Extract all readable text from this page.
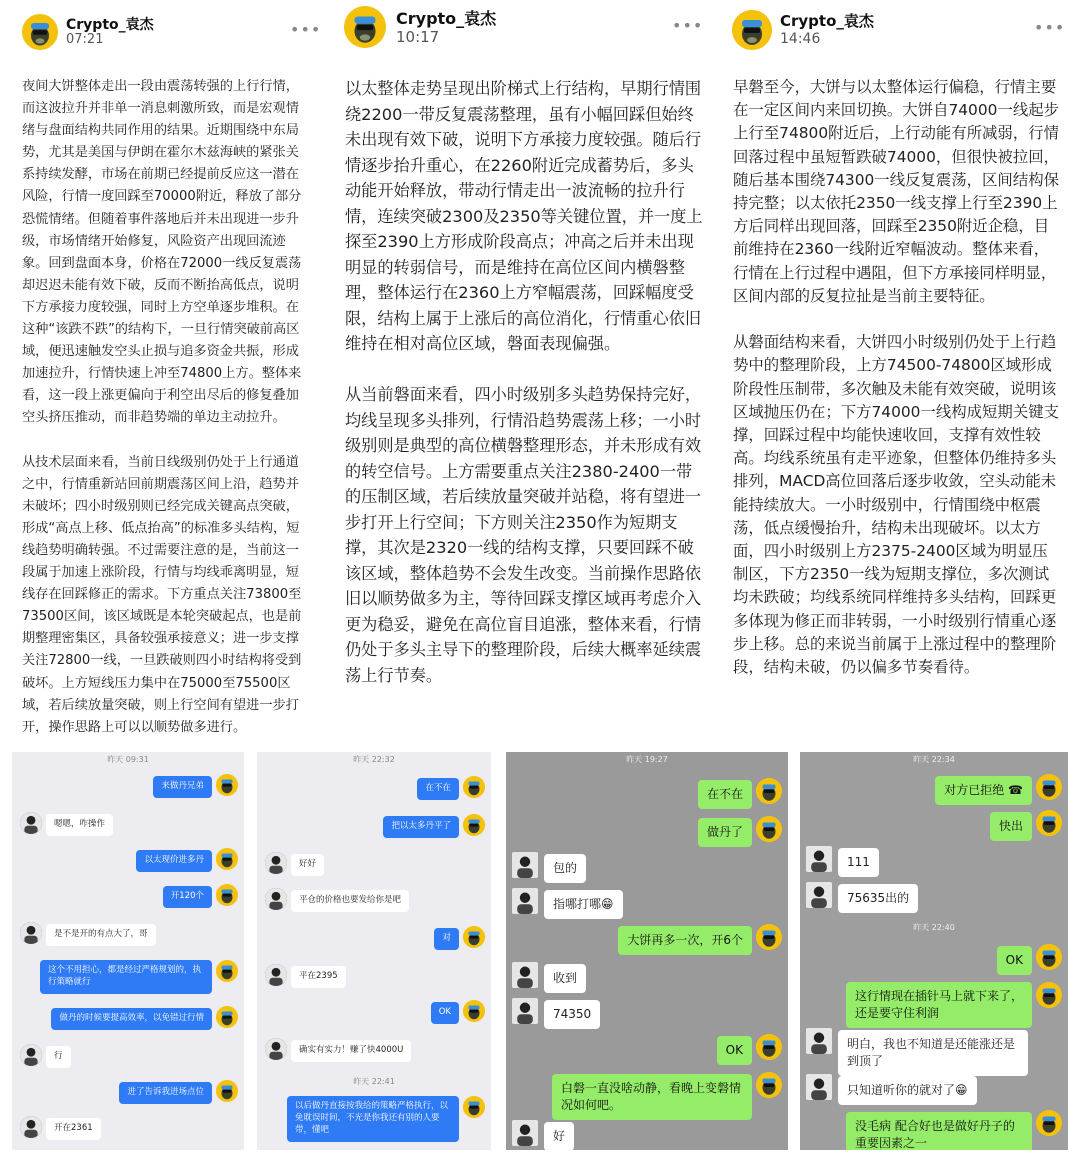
Crypto_袁杰
07:21
•••
夜间大饼整体走出一段由震荡转强的上行行情，而这波拉升并非单一消息刺激所致，而是宏观情绪与盘面结构共同作用的结果。近期围绕中东局势，尤其是美国与伊朗在霍尔木兹海峡的紧张关系持续发酵，市场在前期已经提前反应这一潜在风险，行情一度回踩至70000附近，释放了部分恐慌情绪。但随着事件落地后并未出现进一步升级，市场情绪开始修复，风险资产出现回流迹象。回到盘面本身，价格在72000一线反复震荡却迟迟未能有效下破，反而不断抬高低点，说明下方承接力度较强，同时上方空单逐步堆积。在这种“该跌不跌”的结构下，一旦行情突破前高区域，便迅速触发空头止损与追多资金共振，形成加速拉升，行情快速上冲至74800上方。整体来看，这一段上涨更偏向于利空出尽后的修复叠加空头挤压推动，而非趋势端的单边主动拉升。

从技术层面来看，当前日线级别仍处于上行通道之中，行情重新站回前期震荡区间上沿，趋势并未破坏；四小时级别则已经完成关键高点突破，形成“高点上移、低点抬高”的标准多头结构，短线趋势明确转强。不过需要注意的是，当前这一段属于加速上涨阶段，行情与均线乖离明显，短线存在回踩修正的需求。下方重点关注73800至73500区间，该区域既是本轮突破起点，也是前期整理密集区，具备较强承接意义；进一步支撑关注72800一线，一旦跌破则四小时结构将受到破坏。上方短线压力集中在75000至75500区域，若后续放量突破，则上行空间有望进一步打开，操作思路上可以以顺势做多进行。
Crypto_袁杰
10:17
•••
以太整体走势呈现出阶梯式上行结构，早期行情围绕2200一带反复震荡整理，虽有小幅回踩但始终未出现有效下破，说明下方承接力度较强。随后行情逐步抬升重心，在2260附近完成蓄势后，多头动能开始释放，带动行情走出一波流畅的拉升行情，连续突破2300及2350等关键位置，并一度上探至2390上方形成阶段高点；冲高之后并未出现明显的转弱信号，而是维持在高位区间内横磐整理，整体运行在2360上方窄幅震荡，回踩幅度受限，结构上属于上涨后的高位消化，行情重心依旧维持在相对高位区域，磐面表现偏强。

从当前磐面来看，四小时级别多头趋势保持完好，均线呈现多头排列，行情沿趋势震荡上移；一小时级别则是典型的高位横磐整理形态，并未形成有效的转空信号。上方需要重点关注2380-2400一带的压制区域，若后续放量突破并站稳，将有望进一步打开上行空间；下方则关注2350作为短期支撑，其次是2320一线的结构支撑，只要回踩不破该区域，整体趋势不会发生改变。当前操作思路依旧以顺势做多为主，等待回踩支撑区域再考虑介入更为稳妥，避免在高位盲目追涨，整体来看，行情仍处于多头主导下的整理阶段，后续大概率延续震荡上行节奏。
Crypto_袁杰
14:46
•••
早磐至今，大饼与以太整体运行偏稳，行情主要在一定区间内来回切换。大饼自74000一线起步上行至74800附近后，上行动能有所减弱，行情回落过程中虽短暂跌破74000，但很快被拉回，随后基本围绕74300一线反复震荡，区间结构保持完整；以太依托2350一线支撑上行至2390上方后同样出现回落，回踩至2350附近企稳，目前维持在2360一线附近窄幅波动。整体来看，行情在上行过程中遇阻，但下方承接同样明显，区间内部的反复拉扯是当前主要特征。

从磐面结构来看，大饼四小时级别仍处于上行趋势中的整理阶段，上方74500-74800区域形成阶段性压制带，多次触及未能有效突破，说明该区域抛压仍在；下方74000一线构成短期关键支撑，回踩过程中均能快速收回，支撑有效性较高。均线系统虽有走平迹象，但整体仍维持多头排列，MACD高位回落后逐步收敛，空头动能未能持续放大。一小时级别中，行情围绕中枢震荡，低点缓慢抬升，结构未出现破坏。以太方面，四小时级别上方2375-2400区域为明显压制区，下方2350一线为短期支撑位，多次测试均未跌破；均线系统同样维持多头结构，回踩更多体现为修正而非转弱，一小时级别行情重心逐步上移。总的来说当前属于上涨过程中的整理阶段，结构未破，仍以偏多节奏看待。
昨天 09:31
来做丹兄弟
嗯嗯，咋操作
以太现价进多丹
开120个
是不是开的有点大了，哥
这个不用担心，都是经过严格规划的，执行策略就行
做丹的时候要提高效率，以免错过行情
行
进了告诉我进场点位
开在2361
昨天 22:32
在不在
把以太多丹平了
好好
平仓的价格也要发给你是吧
对
平在2395
OK
确实有实力！赚了快4000U
昨天 22:41
以后做丹直接按我给的策略严格执行，以免耽误时间，不光是你我还有别的人要带，懂吧
昨天 19:27
在不在
做丹了
包的
指哪打哪😁
大饼再多一次，开6个
收到
74350
OK
白磐一直没啥动静，看晚上变磐情况如何吧。
好
昨天 22:34
对方已拒绝 ☎
快出
111
75635出的
昨天 22:40
OK
这行情现在插针马上就下来了，还是要守住利润
明白，我也不知道是还能涨还是到顶了
只知道听你的就对了😁
没毛病 配合好也是做好丹子的重要因素之一
